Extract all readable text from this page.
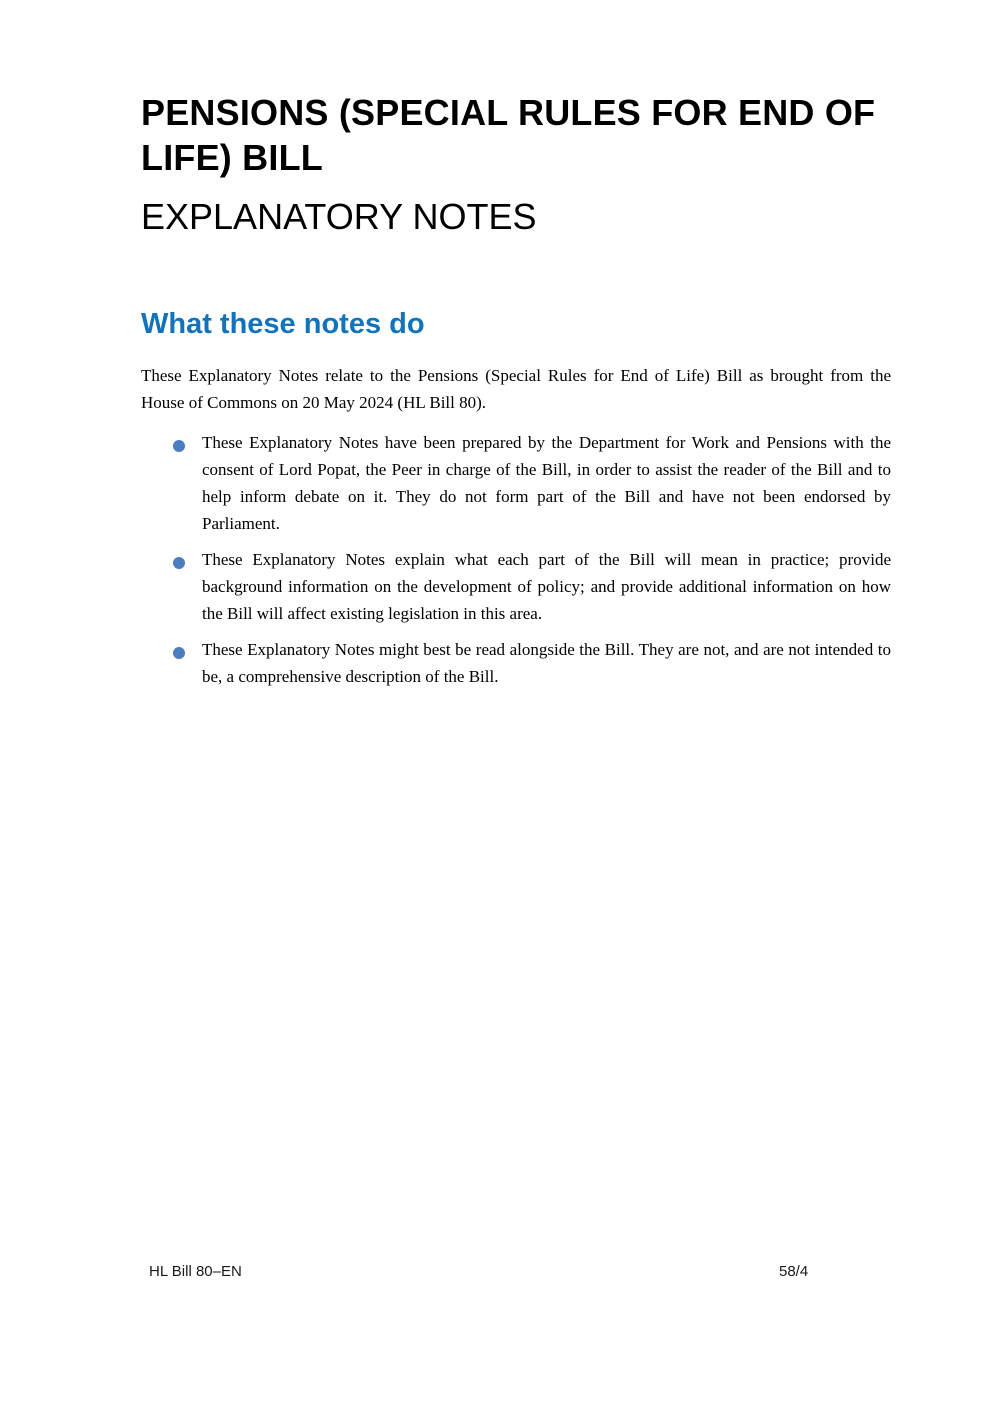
PENSIONS (SPECIAL RULES FOR END OF LIFE) BILL
EXPLANATORY NOTES
What these notes do

These Explanatory Notes relate to the Pensions (Special Rules for End of Life) Bill as brought from the House of Commons on 20 May 2024 (HL Bill 80).

These Explanatory Notes have been prepared by the Department for Work and Pensions with the consent of Lord Popat, the Peer in charge of the Bill, in order to assist the reader of the Bill and to help inform debate on it. They do not form part of the Bill and have not been endorsed by Parliament.
These Explanatory Notes explain what each part of the Bill will mean in practice; provide background information on the development of policy; and provide additional information on how the Bill will affect existing legislation in this area.
These Explanatory Notes might best be read alongside the Bill. They are not, and are not intended to be, a comprehensive description of the Bill.
HL Bill 80–EN	58/4
